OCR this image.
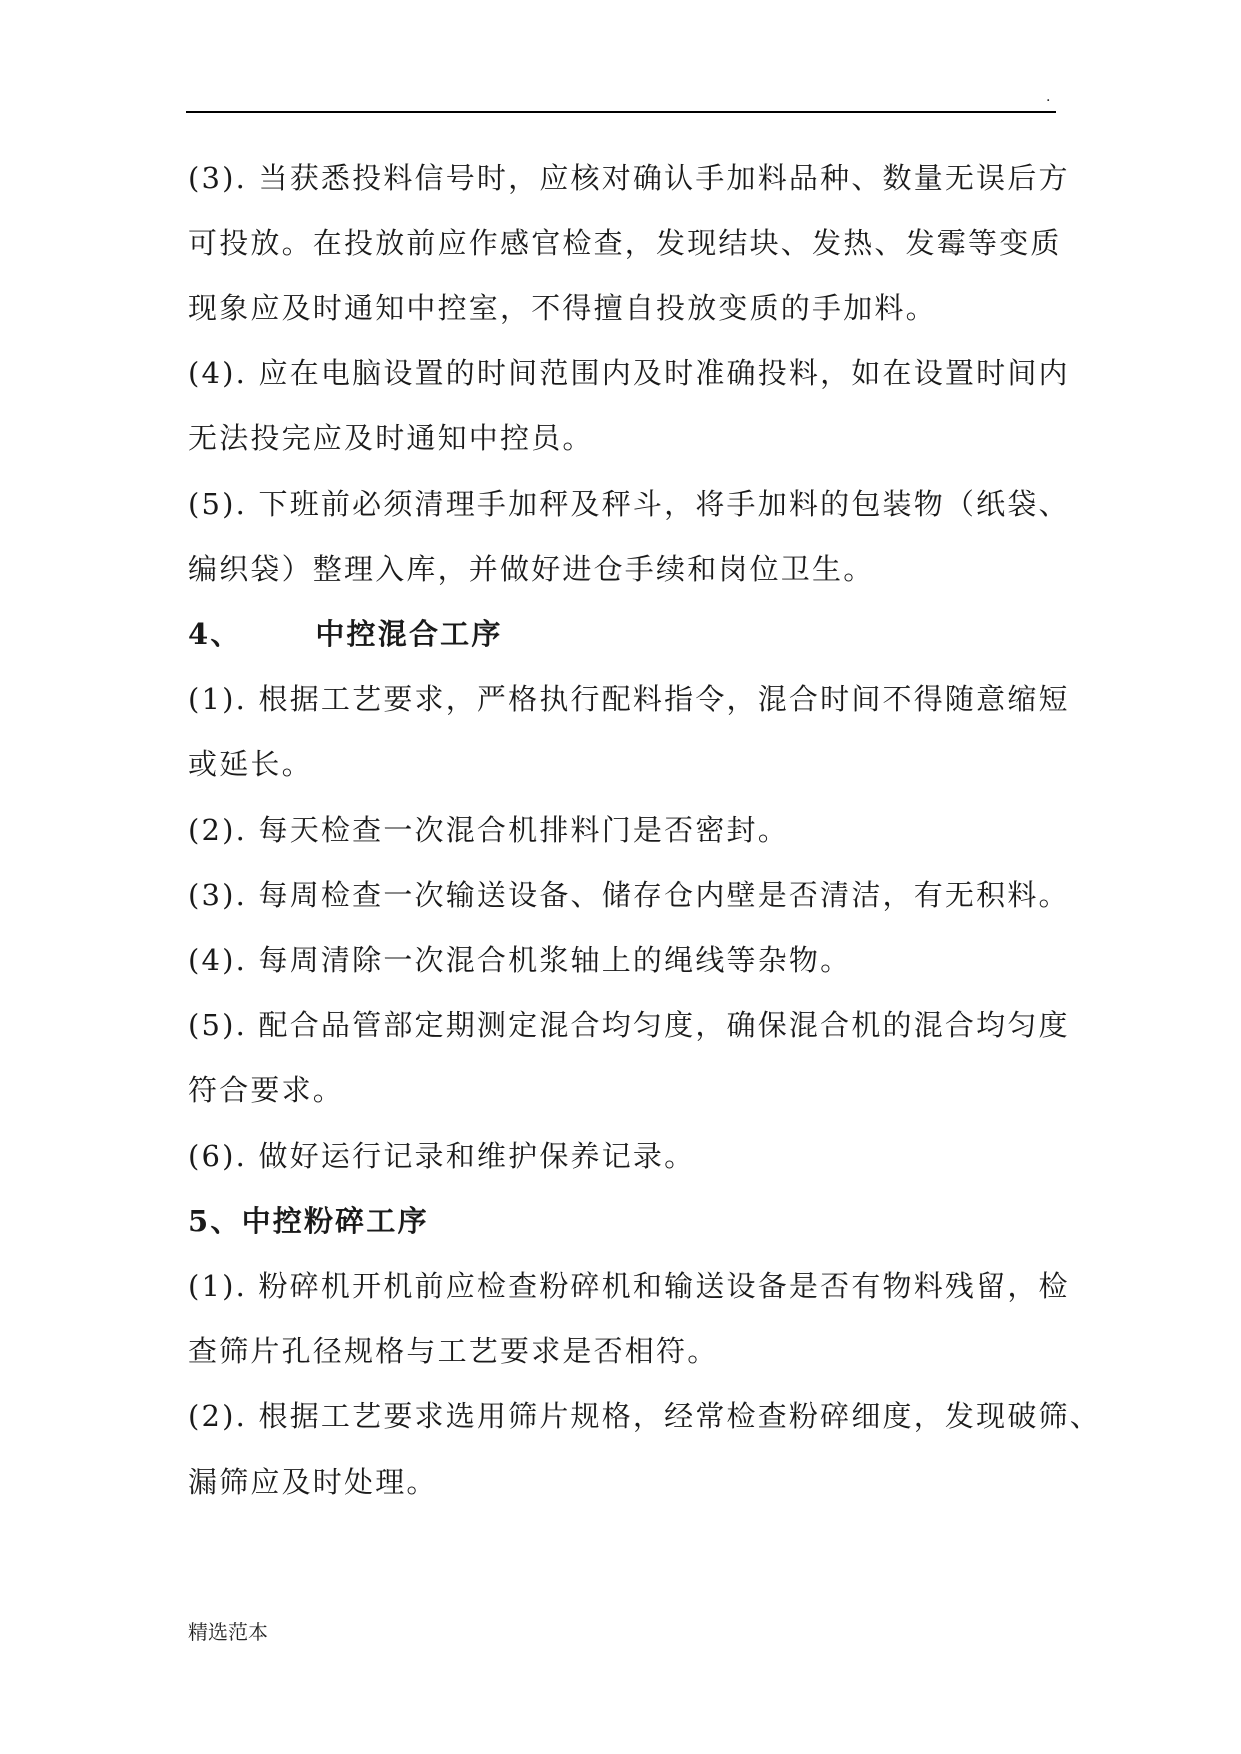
.
(3). 当获悉投料信号时，应核对确认手加料品种、数量无误后方
可投放。在投放前应作感官检查，发现结块、发热、发霉等变质
现象应及时通知中控室，不得擅自投放变质的手加料。
(4). 应在电脑设置的时间范围内及时准确投料，如在设置时间内
无法投完应及时通知中控员。
(5). 下班前必须清理手加秤及秤斗，将手加料的包装物（纸袋、
编织袋）整理入库，并做好进仓手续和岗位卫生。
4、      中控混合工序
(1). 根据工艺要求，严格执行配料指令，混合时间不得随意缩短
或延长。
(2). 每天检查一次混合机排料门是否密封。
(3). 每周检查一次输送设备、储存仓内壁是否清洁，有无积料。
(4). 每周清除一次混合机浆轴上的绳线等杂物。
(5). 配合品管部定期测定混合均匀度，确保混合机的混合均匀度
符合要求。
(6). 做好运行记录和维护保养记录。
5、中控粉碎工序
(1). 粉碎机开机前应检查粉碎机和输送设备是否有物料残留，检
查筛片孔径规格与工艺要求是否相符。
(2). 根据工艺要求选用筛片规格，经常检查粉碎细度，发现破筛、
漏筛应及时处理。
精选范本
